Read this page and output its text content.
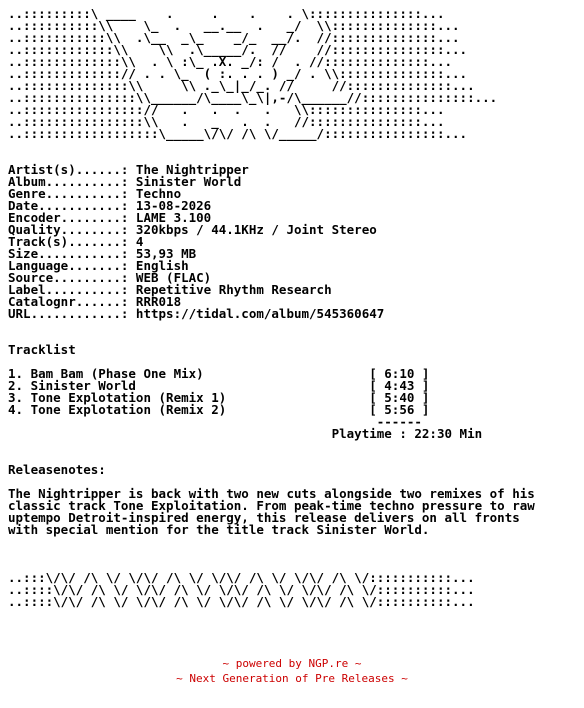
..:::::::::\ ____    .     .    .    . \:::::::::::::::...
..::::::::::\\    \_  .   __.__  .   _/  \\::::::::::::::...
..:::::::::::\\  .\__  _\_    _/_  __/.  //::::::::::::::...
..::::::::::::\\    \\  .\_____/.  //    //:::::::::::::::...
..:::::::::::::\\  . \ :\_ .X. _/: /  . //::::::::::::::...
..:::::::::::::// . . \_  ( :. . . ) _/ . \\::::::::::::::...
..::::::::::::::\\     \\ ._\_|_/_. //     //::::::::::::::...
..:::::::::::::::\\______/\____\_\|,-/\______//:::::::::::::::...
..:::::::::::::::://   .   .  .   .   \\:::::::::::::::...
..::::::::::::::::\\   .   _   .  .   //:::::::::::::::...
..::::::::::::::::::\_____\/\/ /\ \/_____/::::::::::::::::...

Artist(s)......: The Nightripper
Album..........: Sinister World
Genre..........: Techno
Date...........: 13-08-2026
Encoder........: LAME 3.100
Quality........: 320kbps / 44.1KHz / Joint Stereo
Track(s).......: 4
Size...........: 53,93 MB
Language.......: English
Source.........: WEB (FLAC)
Label..........: Repetitive Rhythm Research
Catalognr......: RRR018
URL............: https://tidal.com/album/545360647

Tracklist

1. Bam Bam (Phase One Mix)                      [ 6:10 ]
2. Sinister World                               [ 4:43 ]
3. Tone Explotation (Remix 1)                   [ 5:40 ]
4. Tone Explotation (Remix 2)                   [ 5:56 ]
------
Playtime : 22:30 Min

Releasenotes:

The Nightripper is back with two new cuts alongside two remixes of his
classic track Tone Exploitation. From peak-time techno pressure to raw
uptempo Detroit-inspired energy, this release delivers on all fronts
with special mention for the title track Sinister World.

..:::\/\/ /\ \/ \/\/ /\ \/ \/\/ /\ \/ \/\/ /\ \/:::::::::::...
..::::\/\/ /\ \/ \/\/ /\ \/ \/\/ /\ \/ \/\/ /\ \/::::::::::...
..::::\/\/ /\ \/ \/\/ /\ \/ \/\/ /\ \/ \/\/ /\ \/::::::::::...
~ powered by NGP.re ~
~ Next Generation of Pre Releases ~
